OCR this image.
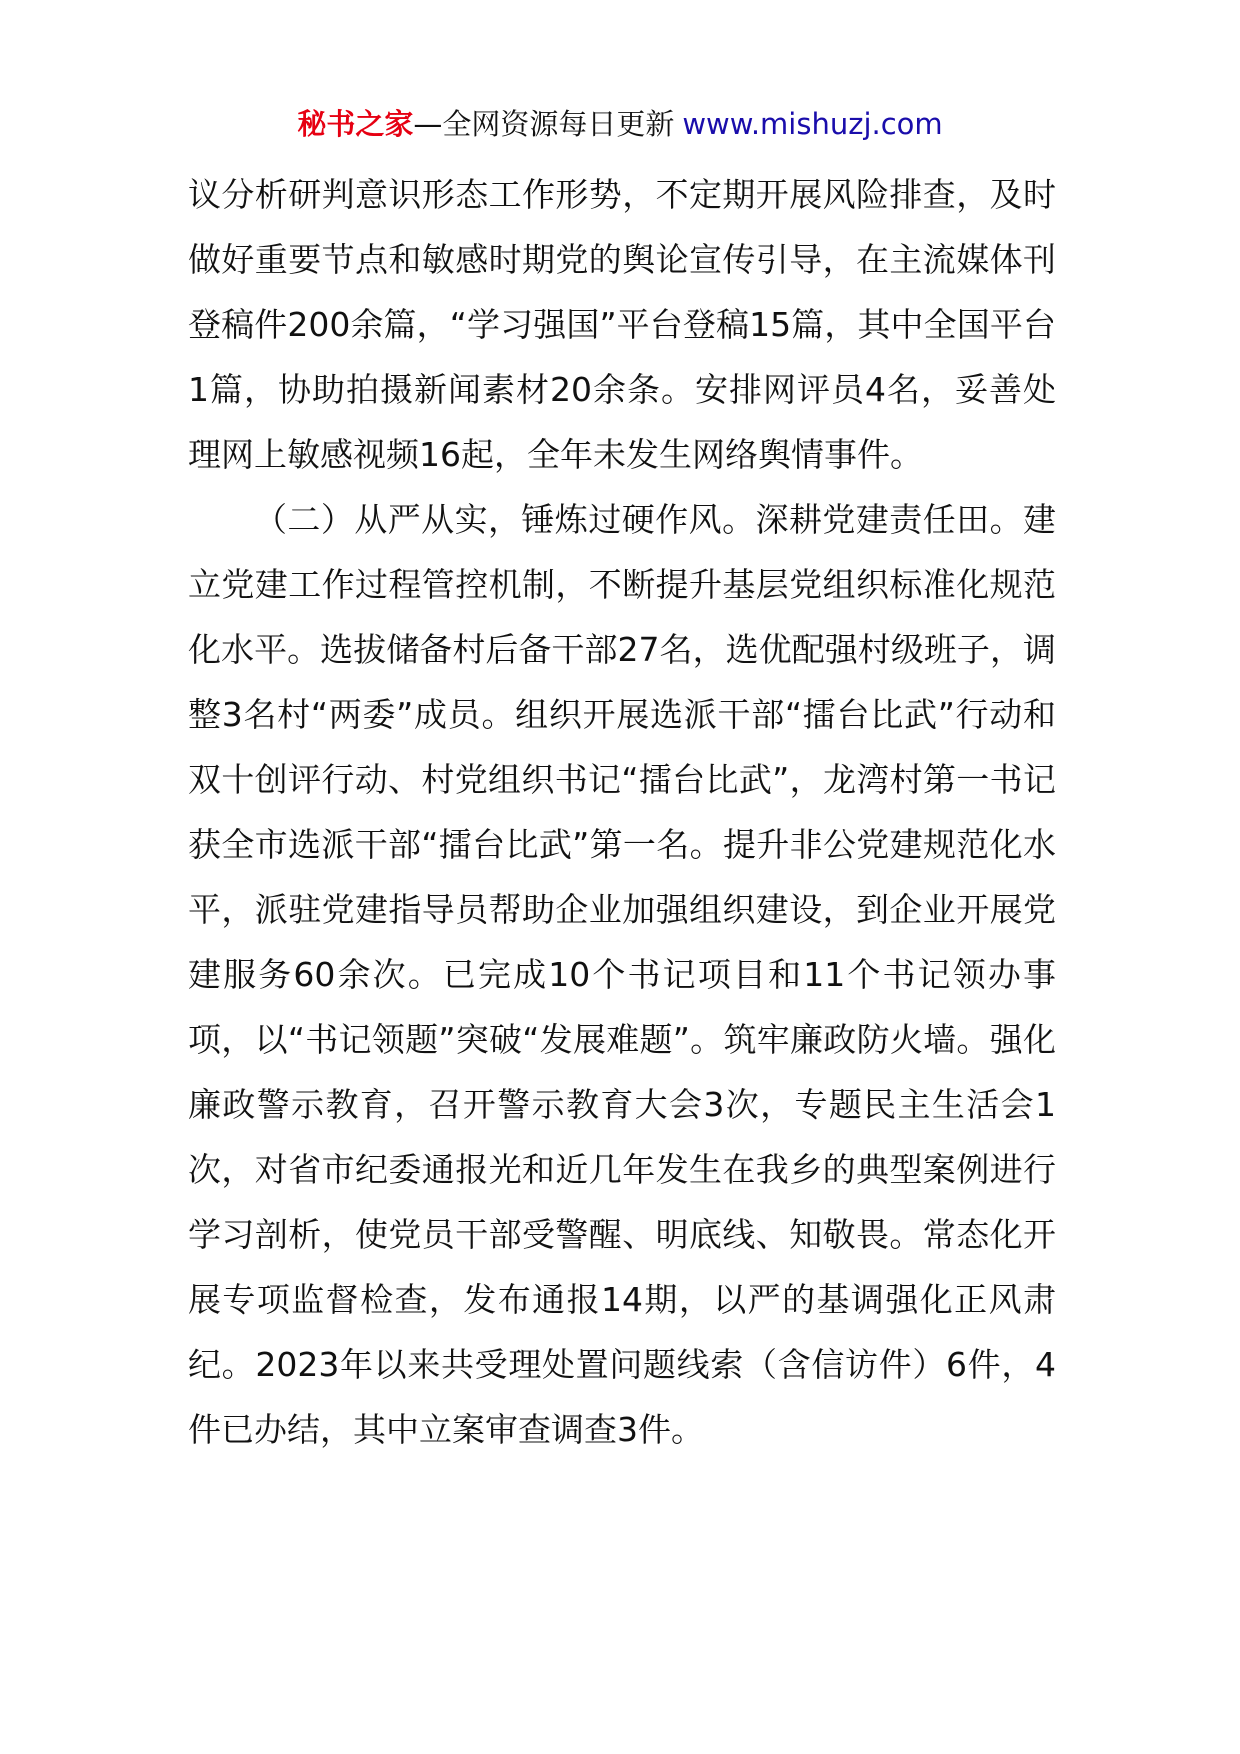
秘书之家—全网资源每日更新 www.mishuzj.com

议分析研判意识形态工作形势，不定期开展风险排查，及时做好重要节点和敏感时期党的舆论宣传引导，在主流媒体刊登稿件200余篇，“学习强国”平台登稿15篇，其中全国平台1篇，协助拍摄新闻素材20余条。安排网评员4名，妥善处理网上敏感视频16起，全年未发生网络舆情事件。

（二）从严从实，锤炼过硬作风。深耕党建责任田。建立党建工作过程管控机制，不断提升基层党组织标准化规范化水平。选拔储备村后备干部27名，选优配强村级班子，调整3名村“两委”成员。组织开展选派干部“擂台比武”行动和双十创评行动、村党组织书记“擂台比武”，龙湾村第一书记获全市选派干部“擂台比武”第一名。提升非公党建规范化水平，派驻党建指导员帮助企业加强组织建设，到企业开展党建服务60余次。已完成10个书记项目和11个书记领办事项，以“书记领题”突破“发展难题”。筑牢廉政防火墙。强化廉政警示教育，召开警示教育大会3次，专题民主生活会1次，对省市纪委通报光和近几年发生在我乡的典型案例进行学习剖析，使党员干部受警醒、明底线、知敬畏。常态化开展专项监督检查，发布通报14期，以严的基调强化正风肃纪。2023年以来共受理处置问题线索（含信访件）6件，4件已办结，其中立案审查调查3件。
